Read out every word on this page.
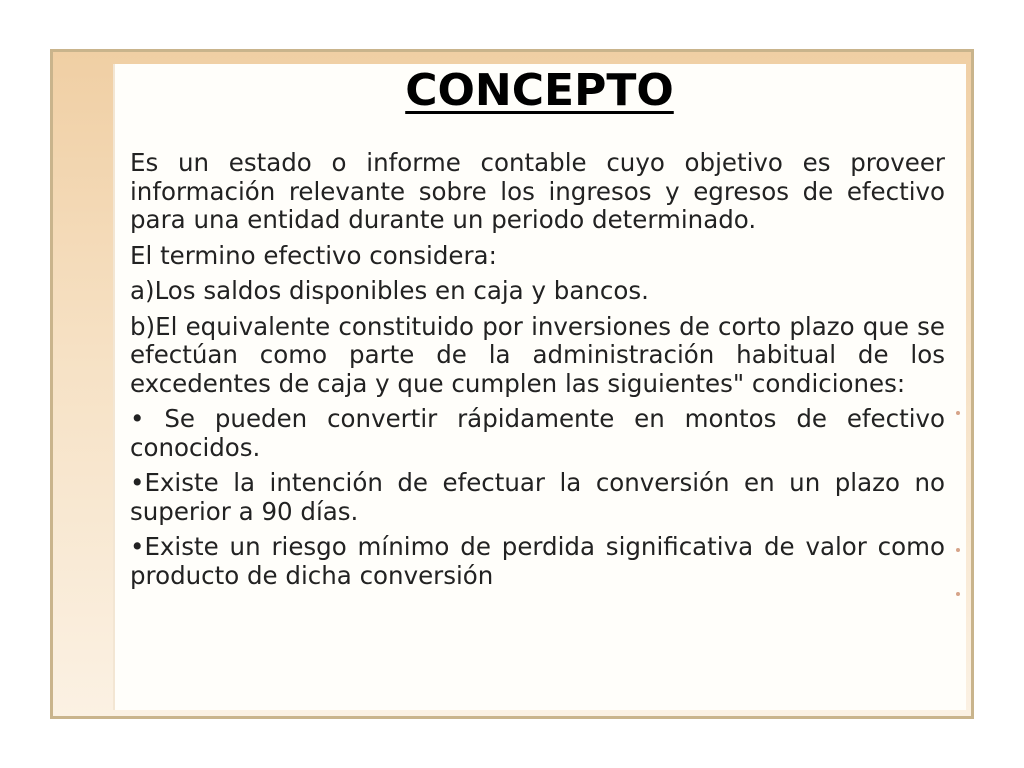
CONCEPTO

Es un estado o informe contable cuyo objetivo es proveer información relevante sobre los ingresos y egresos de efectivo para una entidad durante un periodo determinado.

El termino efectivo considera:

a)Los saldos disponibles en caja y bancos.

b)El equivalente constituido por inversiones de corto plazo que se efectúan como parte de la administración habitual de los excedentes de caja y que cumplen las siguientes" condiciones:

• Se pueden convertir rápidamente en montos de efectivo conocidos.

•Existe la intención de efectuar la conversión en un plazo no superior a 90 días.

•Existe un riesgo mínimo de perdida significativa de valor como producto de dicha conversión
